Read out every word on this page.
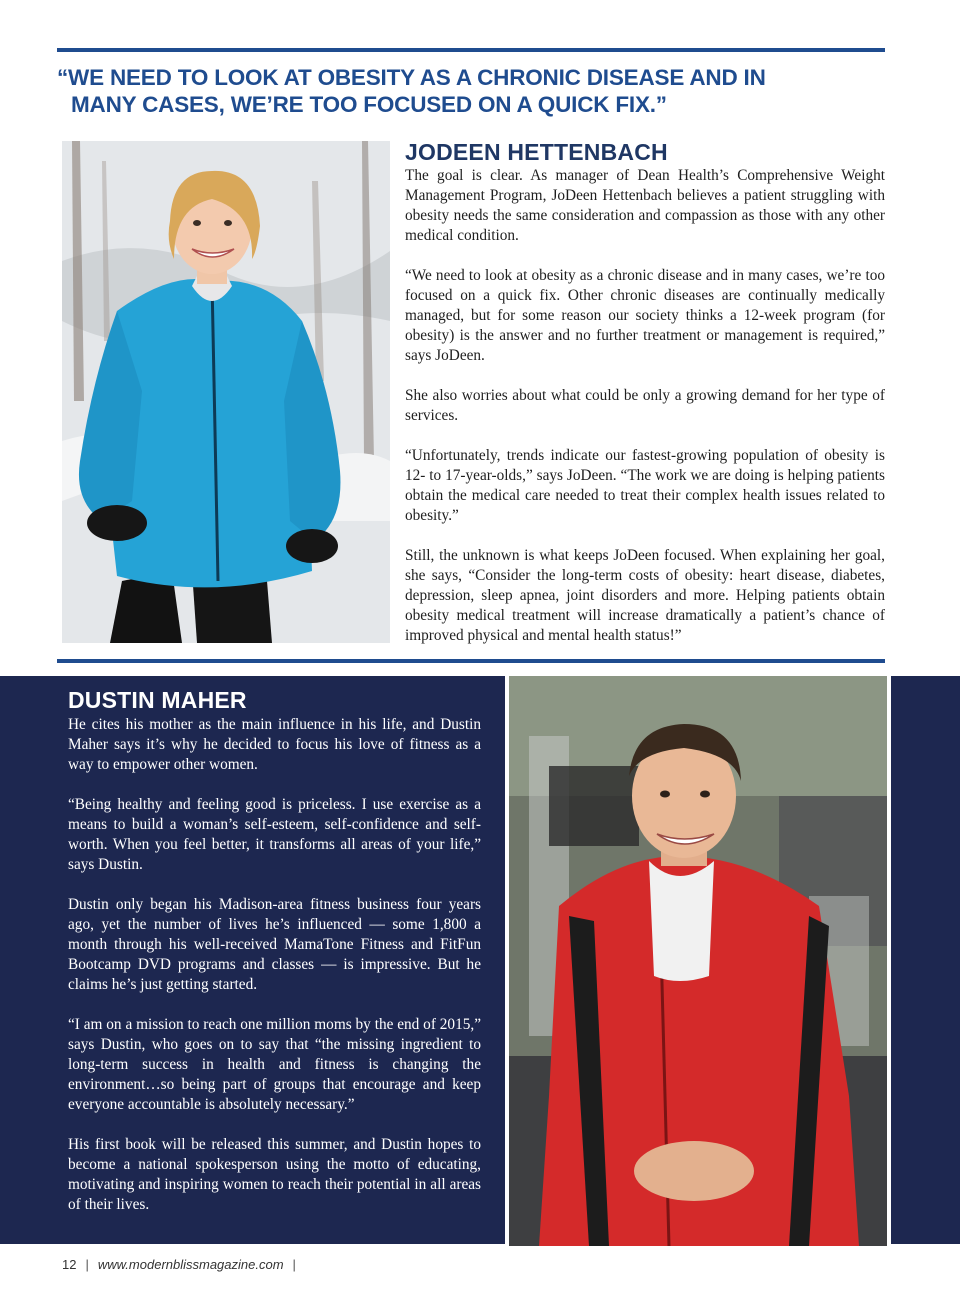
“WE NEED TO LOOK AT OBESITY AS A CHRONIC DISEASE AND IN
MANY CASES, WE’RE TOO FOCUSED ON A QUICK FIX.”
JODEEN HETTENBACH

The goal is clear. As manager of Dean Health’s Comprehensive Weight Management Program, JoDeen Hettenbach believes a patient struggling with obesity needs the same consideration and compassion as those with any other medical condition.

“We need to look at obesity as a chronic disease and in many cases, we’re too focused on a quick fix. Other chronic diseases are continually medically managed, but for some reason our society thinks a 12-week program (for obesity) is the answer and no further treatment or management is required,” says JoDeen.

She also worries about what could be only a growing demand for her type of services.

“Unfortunately, trends indicate our fastest-growing population of obesity is 12- to 17-year-olds,” says JoDeen. “The work we are doing is helping patients obtain the medical care needed to treat their complex health issues related to obesity.”

Still, the unknown is what keeps JoDeen focused. When explaining her goal, she says, “Consider the long-term costs of obesity: heart disease, diabetes, depression, sleep apnea, joint disorders and more. Helping patients obtain obesity medical treatment will increase dramatically a patient’s chance of improved physical and mental health status!”

DUSTIN MAHER

He cites his mother as the main influence in his life, and Dustin Maher says it’s why he decided to focus his love of fitness as a way to empower other women.

“Being healthy and feeling good is priceless. I use exercise as a means to build a woman’s self-esteem, self-confidence and self-worth. When you feel better, it transforms all areas of your life,” says Dustin.

Dustin only began his Madison-area fitness business four years ago, yet the number of lives he’s influenced — some 1,800 a month through his well-received MamaTone Fitness and FitFun Bootcamp DVD programs and classes — is impressive. But he claims he’s just getting started.

“I am on a mission to reach one million moms by the end of 2015,” says Dustin, who goes on to say that “the missing ingredient to long-term success in health and fitness is changing the environment…so being part of groups that encourage and keep everyone accountable is absolutely necessary.”

His first book will be released this summer, and Dustin hopes to become a national spokesperson using the motto of educating, motivating and inspiring women to reach their potential in all areas of their lives.

12 | www.modernblissmagazine.com |
